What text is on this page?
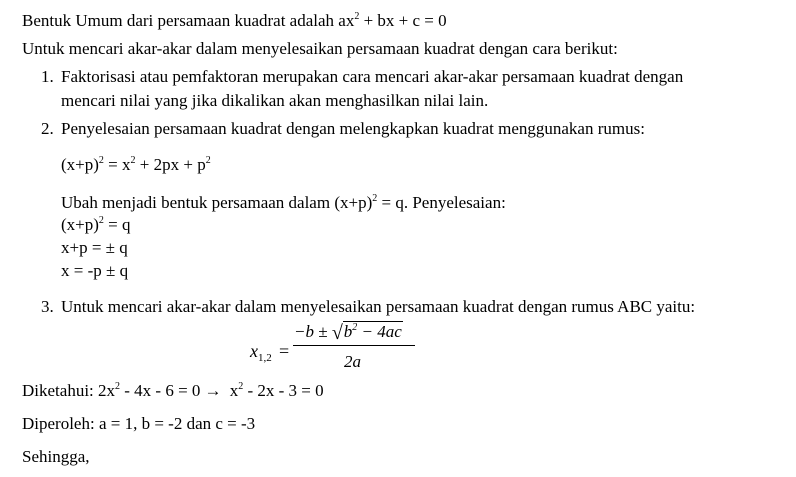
Bentuk Umum dari persamaan kuadrat adalah $ax^2$ + bx + c = 0
Untuk mencari akar-akar dalam menyelesaikan persamaan kuadrat dengan cara berikut:
1. Faktorisasi atau pemfaktoran merupakan cara mencari akar-akar persamaan kuadrat dengan
mencari nilai yang jika dikalikan akan menghasilkan nilai lain.
2. Penyelesaian persamaan kuadrat dengan melengkapkan kuadrat menggunakan rumus:
$(x+p)^2 = x^2 + 2px + p^2$
Ubah menjadi bentuk persamaan dalam $(x+p)^2 = q$. Penyelesaian:
$(x+p)^2 = q$
x+p = ± q
x = -p ± q
3. Untuk mencari akar-akar dalam menyelesaikan persamaan kuadrat dengan rumus ABC yaitu:
$x_{1,2}$ =
$-b \pm √b^2 - 4ac$
2a
Diketahui: $2x^2 - 4x - 6 = 0 \to x^2 - 2x - 3 = 0$
Diperoleh: a = 1, b = -2 dan c = -3
Sehingga,
